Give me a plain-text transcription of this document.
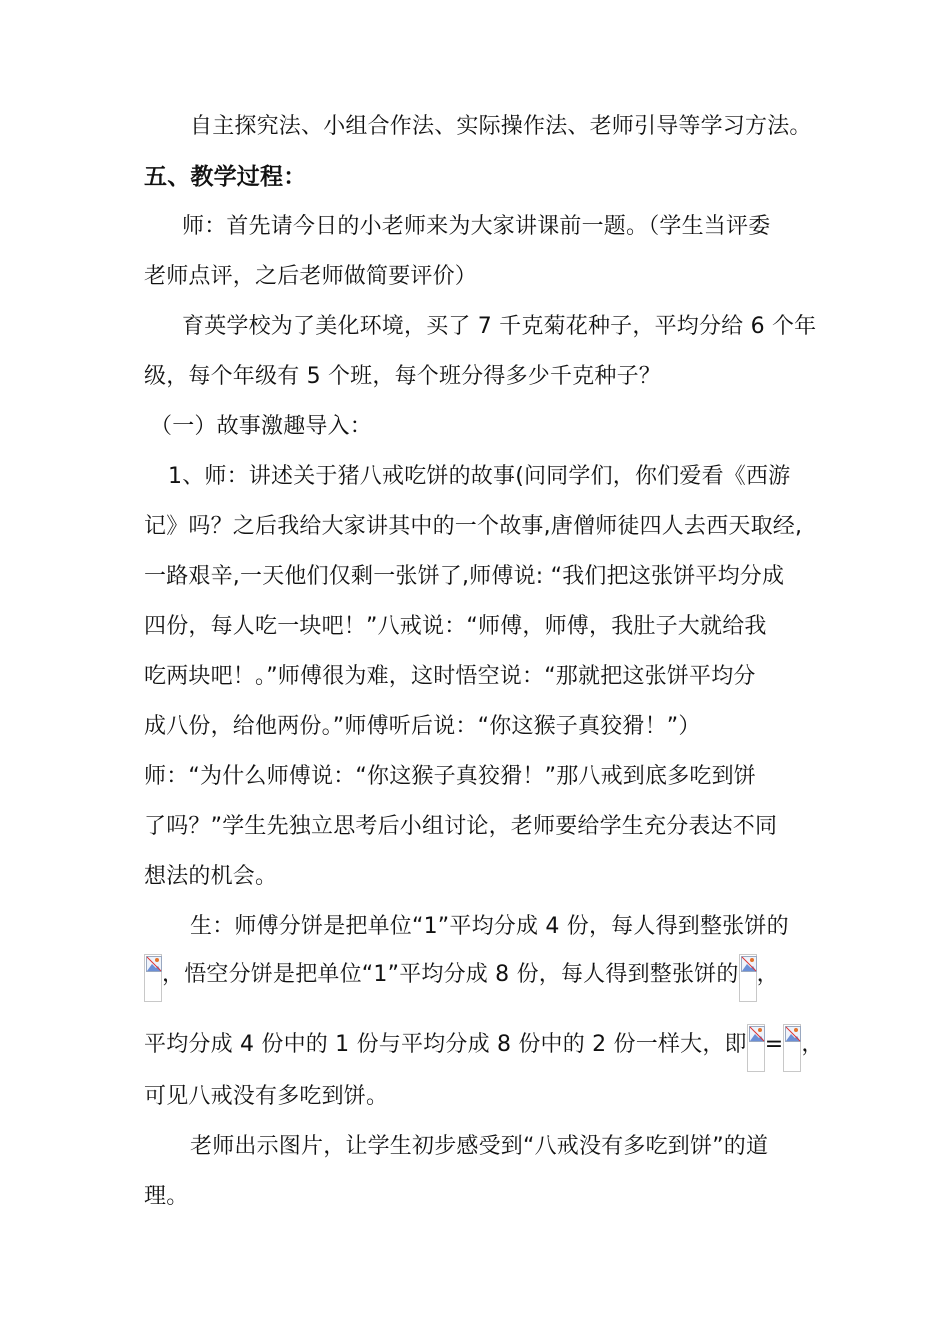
自主探究法、小组合作法、实际操作法、老师引导等学习方法。
五、教学过程：
师：首先请今日的小老师来为大家讲课前一题。（学生当评委
老师点评，之后老师做简要评价）
育英学校为了美化环境，买了 7 千克菊花种子，平均分给 6 个年
级，每个年级有 5 个班，每个班分得多少千克种子？
（一）故事激趣导入：
1、师：讲述关于猪八戒吃饼的故事(问同学们，你们爱看《西游
记》吗？之后我给大家讲其中的一个故事,唐僧师徒四人去西天取经,
一路艰辛,一天他们仅剩一张饼了,师傅说: “我们把这张饼平均分成
四份，每人吃一块吧！”八戒说：“师傅，师傅，我肚子大就给我
吃两块吧！。”师傅很为难，这时悟空说：“那就把这张饼平均分
成八份，给他两份。”师傅听后说：“你这猴子真狡猾！”）
师：“为什么师傅说：“你这猴子真狡猾！”那八戒到底多吃到饼
了吗？”学生先独立思考后小组讨论，老师要给学生充分表达不同
想法的机会。
生：师傅分饼是把单位“1”平均分成 4 份，每人得到整张饼的
，悟空分饼是把单位“1”平均分成 8 份，每人得到整张饼的 ，
平均分成 4 份中的 1 份与平均分成 8 份中的 2 份一样大，即 = ，
可见八戒没有多吃到饼。
老师出示图片，让学生初步感受到“八戒没有多吃到饼”的道
理。
